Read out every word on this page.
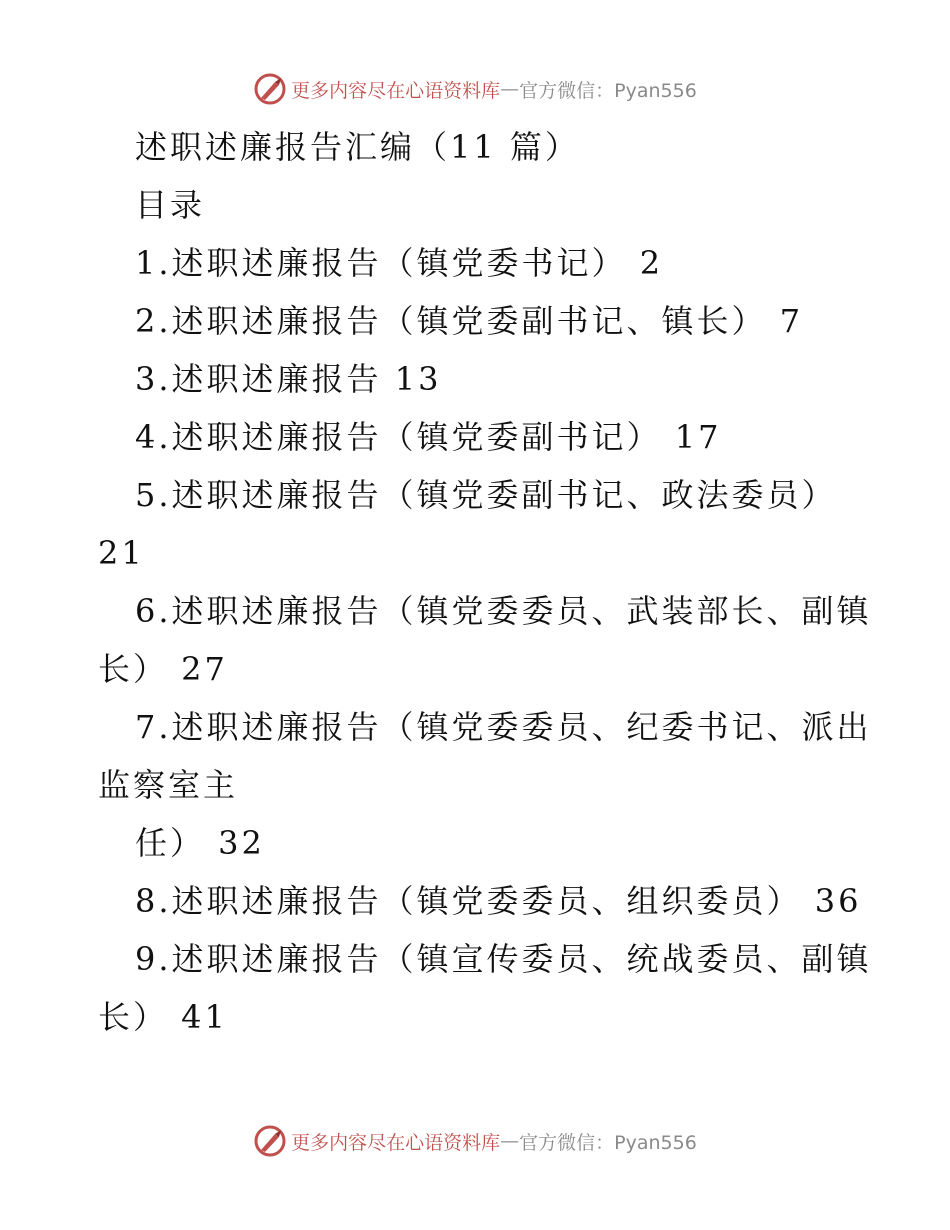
更多内容尽在心语资料库 — 官方微信：Pyan556
述职述廉报告汇编（11 篇）
目录
1.述职述廉报告（镇党委书记） 2
2.述职述廉报告（镇党委副书记、镇长） 7
3.述职述廉报告 13
4.述职述廉报告（镇党委副书记） 17
5.述职述廉报告（镇党委副书记、政法委员）
21
6.述职述廉报告（镇党委委员、武装部长、副镇
长） 27
7.述职述廉报告（镇党委委员、纪委书记、派出
监察室主
任） 32
8.述职述廉报告（镇党委委员、组织委员） 36
9.述职述廉报告（镇宣传委员、统战委员、副镇
长） 41
更多内容尽在心语资料库 — 官方微信：Pyan556
